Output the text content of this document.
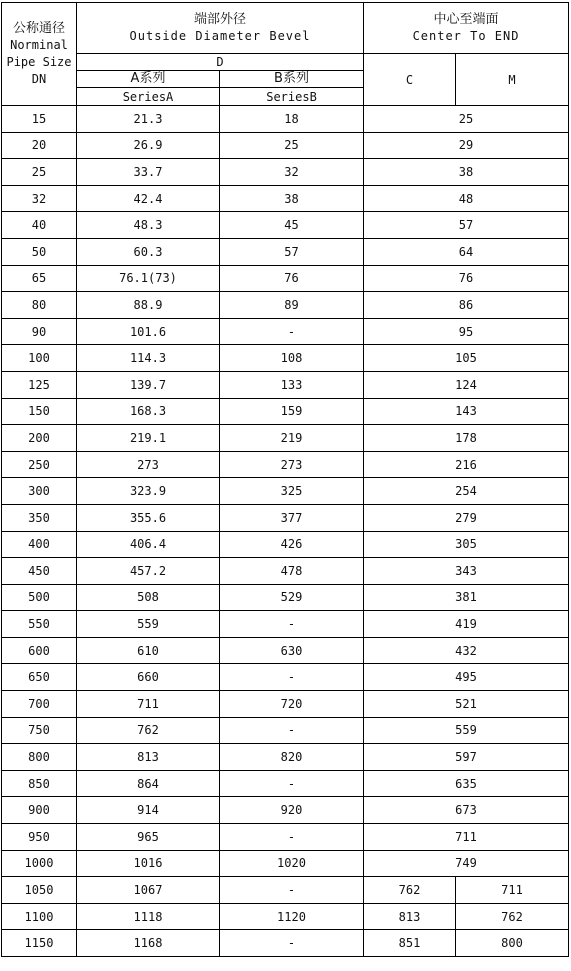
公称通径
Norminal
Pipe Size
DN	端部外径
Outside Diameter Bevel		中心至端面
Center To END	

	D		C	M
	A系列	B系列		
	SeriesA	SeriesB		
15	21.3	18	25	
20	26.9	25	29	
25	33.7	32	38	
32	42.4	38	48	
40	48.3	45	57	
50	60.3	57	64	
65	76.1(73)	76	76	
80	88.9	89	86	
90	101.6	-	95	
100	114.3	108	105	
125	139.7	133	124	
150	168.3	159	143	
200	219.1	219	178	
250	273	273	216	
300	323.9	325	254	
350	355.6	377	279	
400	406.4	426	305	
450	457.2	478	343	
500	508	529	381	
550	559	-	419	
600	610	630	432	
650	660	-	495	
700	711	720	521	
750	762	-	559	
800	813	820	597	
850	864	-	635	
900	914	920	673	
950	965	-	711	
1000	1016	1020	749	
1050	1067	-	762	711
1100	1118	1120	813	762
1150	1168	-	851	800
